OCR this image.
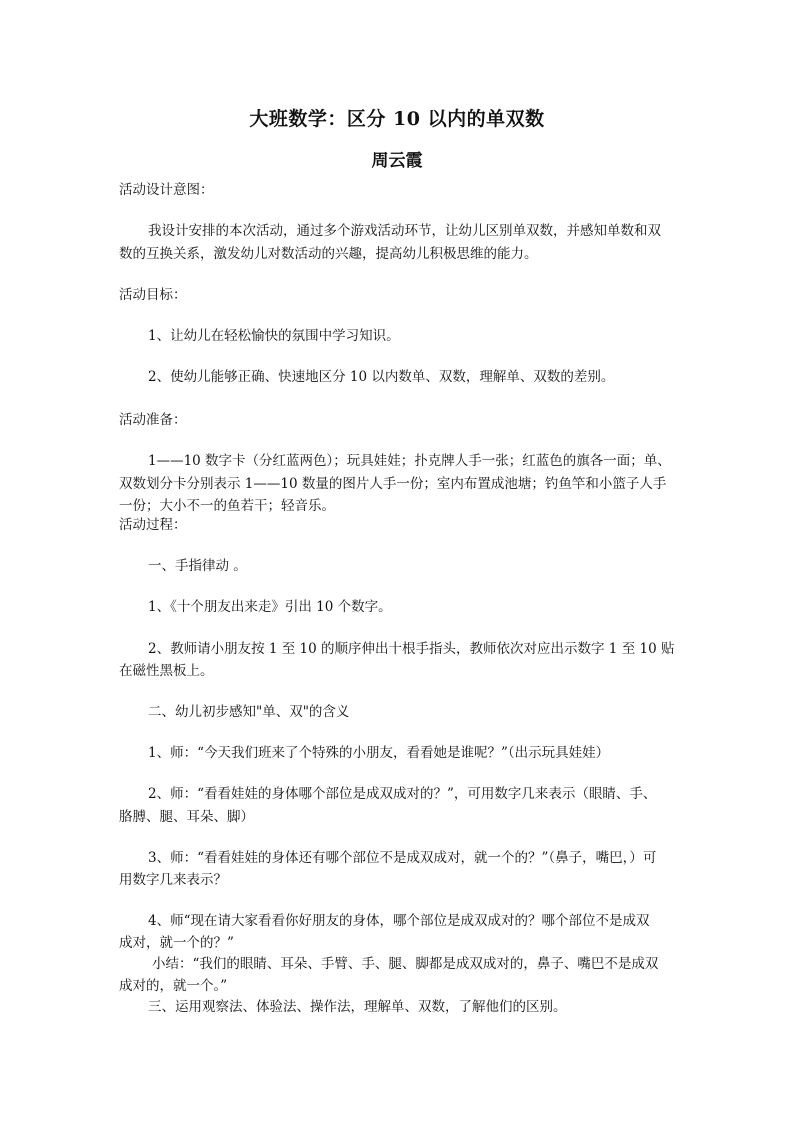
大班数学：区分 10 以内的单双数
周云霞
活动设计意图：
我设计安排的本次活动，通过多个游戏活动环节，让幼儿区别单双数，并感知单数和双
数的互换关系，激发幼儿对数活动的兴趣，提高幼儿积极思维的能力。
活动目标：
1、让幼儿在轻松愉快的氛围中学习知识。
2、使幼儿能够正确、快速地区分 10 以内数单、双数，理解单、双数的差别。
活动准备：
1——10 数字卡（分红蓝两色）；玩具娃娃；扑克牌人手一张；红蓝色的旗各一面；单、
双数划分卡分别表示 1——10 数量的图片人手一份；室内布置成池塘；钓鱼竿和小篮子人手
一份；大小不一的鱼若干；轻音乐。
活动过程：
一、手指律动 。
1、《十个朋友出来走》引出 10 个数字。
2、教师请小朋友按 1 至 10 的顺序伸出十根手指头，教师依次对应出示数字 1 至 10 贴
在磁性黑板上。
二、幼儿初步感知"单、双"的含义
1、师：“今天我们班来了个特殊的小朋友，看看她是谁呢？”（出示玩具娃娃）
2、师：“看看娃娃的身体哪个部位是成双成对的？”，可用数字几来表示（眼睛、手、
胳膊、腿、耳朵、脚）
3、师：“看看娃娃的身体还有哪个部位不是成双成对，就一个的？”（鼻子，嘴巴，）可
用数字几来表示？
4、师“现在请大家看看你好朋友的身体，哪个部位是成双成对的？哪个部位不是成双
成对，就一个的？”
小结：“我们的眼睛、耳朵、手臂、手、腿、脚都是成双成对的，鼻子、嘴巴不是成双
成对的，就一个。”
三、运用观察法、体验法、操作法，理解单、双数，了解他们的区别。
